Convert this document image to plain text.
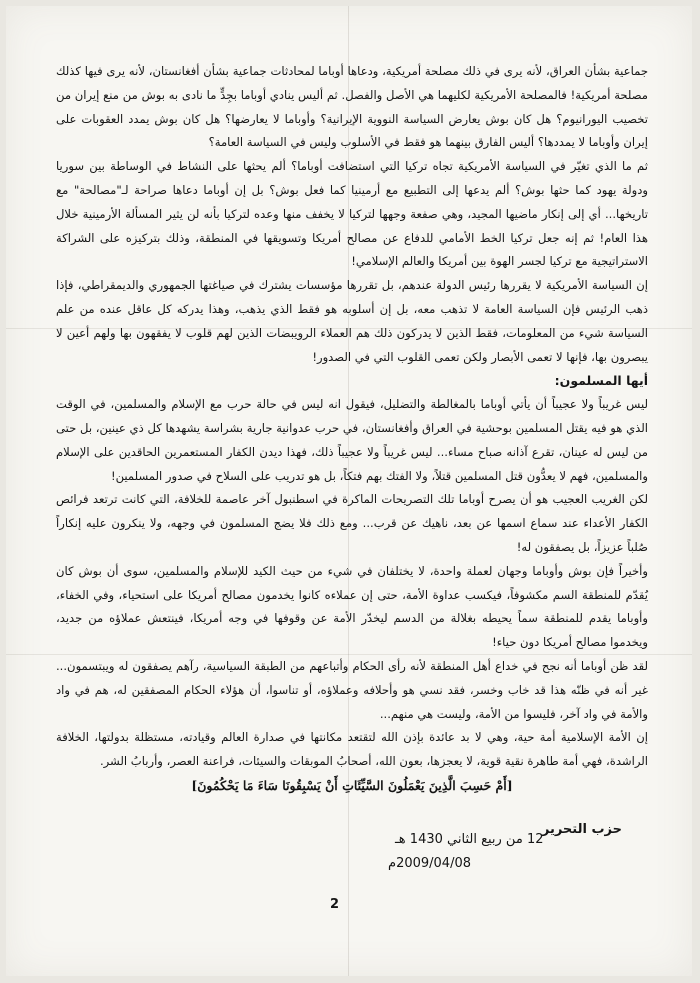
جماعية بشأن العراق، لأنه يرى في ذلك مصلحة أمريكية، ودعاها أوباما لمحادثات جماعية بشأن أفغانستان، لأنه يرى فيها كذلك مصلحة أمريكية! فالمصلحة الأمريكية لكليهما هي الأصل والفصل. ثم أليس ينادي أوباما بجِدٍّ ما نادى به بوش من منع إيران من تخصيب اليورانيوم؟ هل كان بوش يعارض السياسة النووية الإيرانية؟ وأوباما لا يعارضها؟ هل كان بوش يمدد العقوبات على إيران وأوباما لا يمددها؟ أليس الفارق بينهما هو فقط في الأسلوب وليس في السياسة العامة؟

ثم ما الذي تغيّر في السياسة الأمريكية تجاه تركيا التي استضافت أوباما؟ ألم يحثها على النشاط في الوساطة بين سوريا ودولة يهود كما حثها بوش؟ ألم يدعها إلى التطبيع مع أرمينيا كما فعل بوش؟ بل إن أوباما دعاها صراحة لـ"مصالحة" مع تاريخها... أي إلى إنكار ماضيها المجيد، وهي صفعة وجهها لتركيا لا يخفف منها وعده لتركيا بأنه لن يثير المسألة الأرمينية خلال هذا العام! ثم إنه جعل تركيا الخط الأمامي للدفاع عن مصالح أمريكا وتسويقها في المنطقة، وذلك بتركيزه على الشراكة الاستراتيجية مع تركيا لجسر الهوة بين أمريكا والعالم الإسلامي!

إن السياسة الأمريكية لا يقررها رئيس الدولة عندهم، بل تقررها مؤسسات يشترك في صياغتها الجمهوري والديمقراطي، فإذا ذهب الرئيس فإن السياسة العامة لا تذهب معه، بل إن أسلوبه هو فقط الذي يذهب، وهذا يدركه كل عاقل عنده من علم السياسة شيء من المعلومات، فقط الذين لا يدركون ذلك هم العملاء الرويبضات الذين لهم قلوب لا يفقهون بها ولهم أعين لا يبصرون بها، فإنها لا تعمى الأبصار ولكن تعمى القلوب التي في الصدور!

أيها المسلمون:

ليس غريباً ولا عجيباً أن يأتي أوباما بالمغالطة والتضليل، فيقول انه ليس في حالة حرب مع الإسلام والمسلمين، في الوقت الذي هو فيه يقتل المسلمين بوحشية في العراق وأفغانستان، في حرب عدوانية جارية بشراسة يشهدها كل ذي عينين، بل حتى من ليس له عينان، تقرع آذانه صباح مساء... ليس غريباً ولا عجيباً ذلك، فهذا ديدن الكفار المستعمرين الحاقدين على الإسلام والمسلمين، فهم لا يعدُّون قتل المسلمين قتلاً، ولا الفتك بهم فتكاً، بل هو تدريب على السلاح في صدور المسلمين!

لكن الغريب العجيب هو أن يصرح أوباما تلك التصريحات الماكرة في اسطنبول آخر عاصمة للخلافة، التي كانت ترتعد فرائص الكفار الأعداء عند سماع اسمها عن بعد، ناهيك عن قرب... ومع ذلك فلا يضج المسلمون في وجهه، ولا ينكرون عليه إنكاراً صُلباً عزيزاً، بل يصفقون له!

وأخيراً فإن بوش وأوباما وجهان لعملة واحدة، لا يختلفان في شيء من حيث الكيد للإسلام والمسلمين، سوى أن بوش كان يُقدّم للمنطقة السم مكشوفاً، فيكسب عداوة الأمة، حتى إن عملاءه كانوا يخدمون مصالح أمريكا على استحياء، وفي الخفاء، وأوباما يقدم للمنطقة سماً يحيطه بغلالة من الدسم ليخدّر الأمة عن وقوفها في وجه أمريكا، فينتعش عملاؤه من جديد، ويخدموا مصالح أمريكا دون حياء!

لقد ظن أوباما أنه نجح في خداع أهل المنطقة لأنه رأى الحكام وأتباعهم من الطبقة السياسية، رآهم يصفقون له ويبتسمون... غير أنه في ظنّه هذا قد خاب وخسر، فقد نسي هو وأحلافه وعملاؤه، أو تناسوا، أن هؤلاء الحكام المصفقين له، هم في واد والأمة في واد آخر، فليسوا من الأمة، وليست هي منهم...

إن الأمة الإسلامية أمة حية، وهي لا بد عائدة بإذن الله لتقتعد مكانتها في صدارة العالم وقيادته، مستظلة بدولتها، الخلافة الراشدة، فهي أمة طاهرة نقية قوية، لا يعجزها، بعون الله، أصحابُ الموبقات والسيئات، فراعنة العصر، وأربابُ الشر.

[أَمْ حَسِبَ الَّذِينَ يَعْمَلُونَ السَّيِّئَاتِ أَنْ يَسْبِقُونَا سَاءَ مَا يَحْكُمُونَ]

حزب التحرير
12 من ربيع الثاني 1430 هـ
2009/04/08م
2
